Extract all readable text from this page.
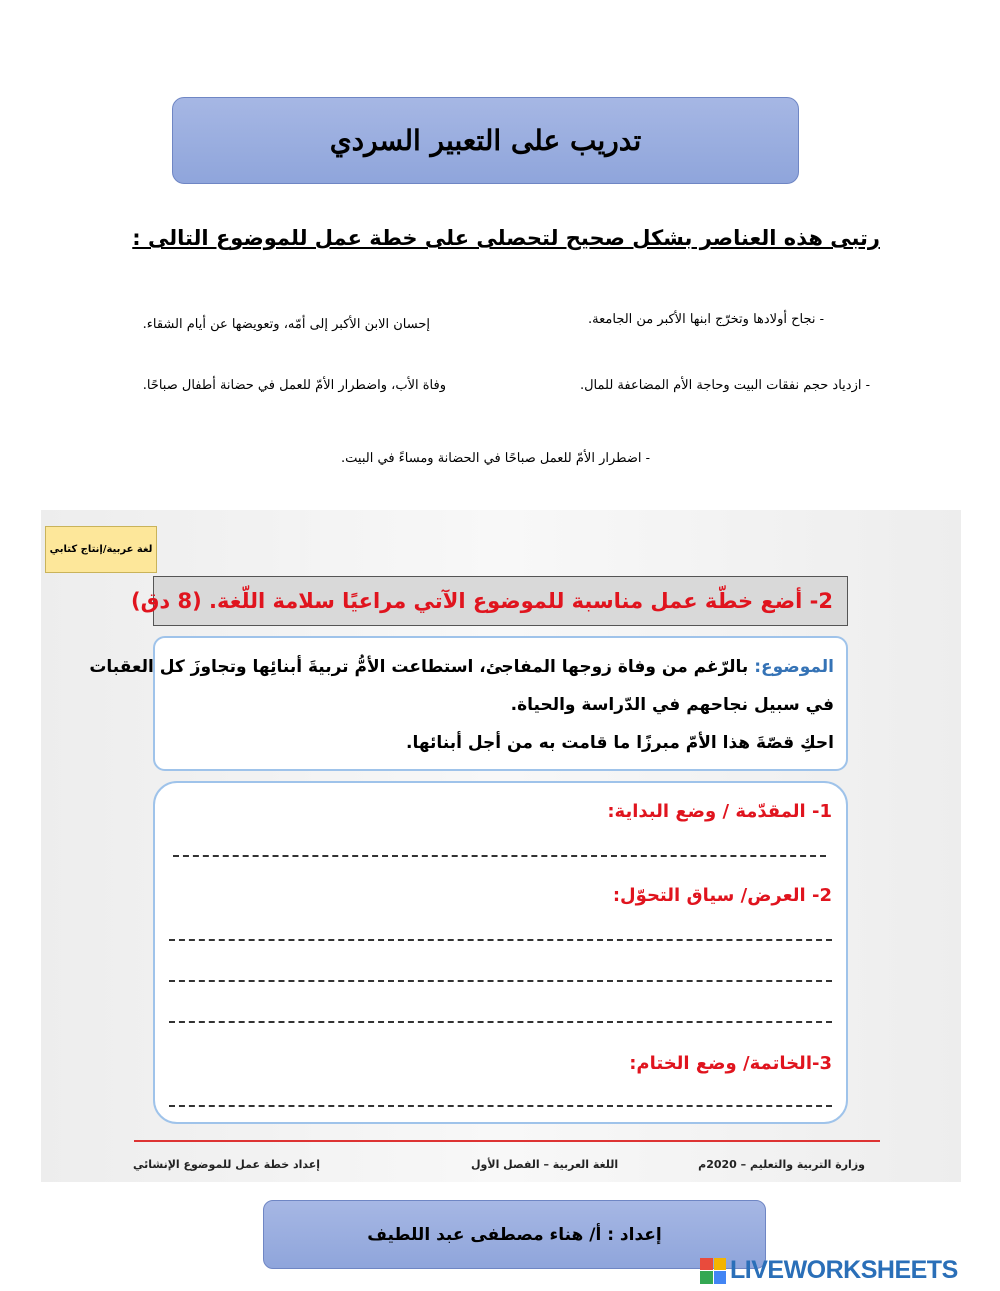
تدريب على التعبير السردي
رتبى هذه العناصر بشكل صحيح لتحصلى على خطة عمل للموضوع التالى :
- نجاح أولادها وتخرّج ابنها الأكبر من الجامعة.
إحسان الابن الأكبر إلى أمّه، وتعويضها عن أيام الشقاء.
- ازدياد حجم نفقات البيت وحاجة الأم المضاعفة للمال.
وفاة الأب، واضطرار الأمّ للعمل في حضانة أطفال صباحًا.
- اضطرار الأمّ للعمل صباحًا في الحضانة ومساءً في البيت.
لغة عربية/إنتاج كتابي
2- أضع خطّة عمل مناسبة للموضوع الآتي مراعيًا سلامة اللّغة. (8 دق)
الموضوع: بالرّغم من وفاة زوجها المفاجئ، استطاعت الأمُّ تربيةَ أبنائِها وتجاوزَ كل العقبات
في سبيل نجاحهم في الدّراسة والحياة.
احكِ قصّةَ هذا الأمّ مبرزًا ما قامت به من أجل أبنائها.
1- المقدّمة / وضع البداية:
2- العرض/ سياق التحوّل:
3-الخاتمة/ وضع الختام:
وزارة التربية والتعليم – 2020م
اللغة العربية – الفصل الأول
إعداد خطة عمل للموضوع الإنشائي
إعداد : أ/ هناء مصطفى عبد اللطيف
LIVEWORKSHEETS
